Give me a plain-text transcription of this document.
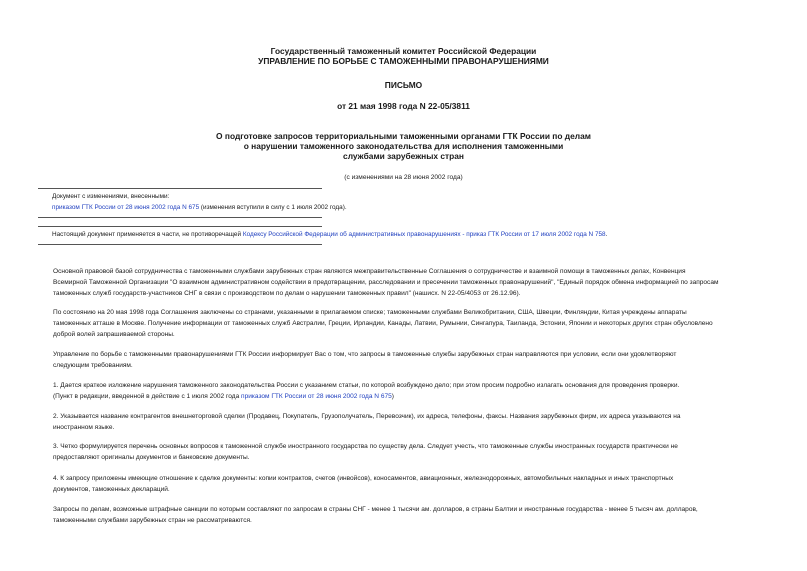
Государственный таможенный комитет Российской Федерации
УПРАВЛЕНИЕ ПО БОРЬБЕ С ТАМОЖЕННЫМИ ПРАВОНАРУШЕНИЯМИ
ПИСЬМО
от 21 мая 1998 года N 22-05/3811
О подготовке запросов территориальными таможенными органами ГТК России по делам
о нарушении таможенного законодательства для исполнения таможенными
службами зарубежных стран
(с изменениями на 28 июня 2002 года)
Документ с изменениями, внесенными:
приказом ГТК России от 28 июня 2002 года N 675 (изменения вступили в силу с 1 июля 2002 года).
Настоящий документ применяется в части, не противоречащей Кодексу Российской Федерации об административных правонарушениях - приказ ГТК России от 17 июля 2002 года N 758.
Основной правовой базой сотрудничества с таможенными службами зарубежных стран являются межправительственные Соглашения о сотрудничестве и взаимной помощи в таможенных делах, Конвенция
Всемирной Таможенной Организации "О взаимном административном содействии в предотвращении, расследовании и пресечении таможенных правонарушений", "Единый порядок обмена информацией по запросам
таможенных служб государств-участников СНГ в связи с производством по делам о нарушении таможенных правил" (нашисх. N 22-05/4053 от 26.12.96).
По состоянию на 20 мая 1998 года Соглашения заключены со странами, указанными в прилагаемом списке; таможенными службами Великобритании, США, Швеции, Финляндии, Китая учреждены аппараты
таможенных атташе в Москве. Получение информации от таможенных служб Австралии, Греции, Ирландии, Канады, Латвии, Румынии, Сингапура, Таиланда, Эстонии, Японии и некоторых других стран обусловлено
доброй волей запрашиваемой стороны.
Управление по борьбе с таможенными правонарушениями ГТК России информирует Вас о том, что запросы в таможенные службы зарубежных стран направляются при условии, если они удовлетворяют
следующим требованиям.
1. Дается краткое изложение нарушения таможенного законодательства России с указанием статьи, по которой возбуждено дело; при этом просим подробно излагать основания для проведения проверки.
(Пункт в редакции, введенной в действие с 1 июля 2002 года приказом ГТК России от 28 июня 2002 года N 675)
2. Указывается название контрагентов внешнеторговой сделки (Продавец, Покупатель, Грузополучатель, Перевозчик), их адреса, телефоны, факсы. Названия зарубежных фирм, их адреса указываются на
иностранном языке.
3. Четко формулируется перечень основных вопросов к таможенной службе иностранного государства по существу дела. Следует учесть, что таможенные службы иностранных государств практически не
предоставляют оригиналы документов и банковские документы.
4. К запросу приложены имеющие отношение к сделке документы: копии контрактов, счетов (инвойсов), коносаментов, авиационных, железнодорожных, автомобильных накладных и иных транспортных
документов, таможенных деклараций.
Запросы по делам, возможные штрафные санкции по которым составляют по запросам в страны СНГ - менее 1 тысячи ам. долларов, в страны Балтии и иностранные государства - менее 5 тысяч ам. долларов,
таможенными службами зарубежных стран не рассматриваются.
